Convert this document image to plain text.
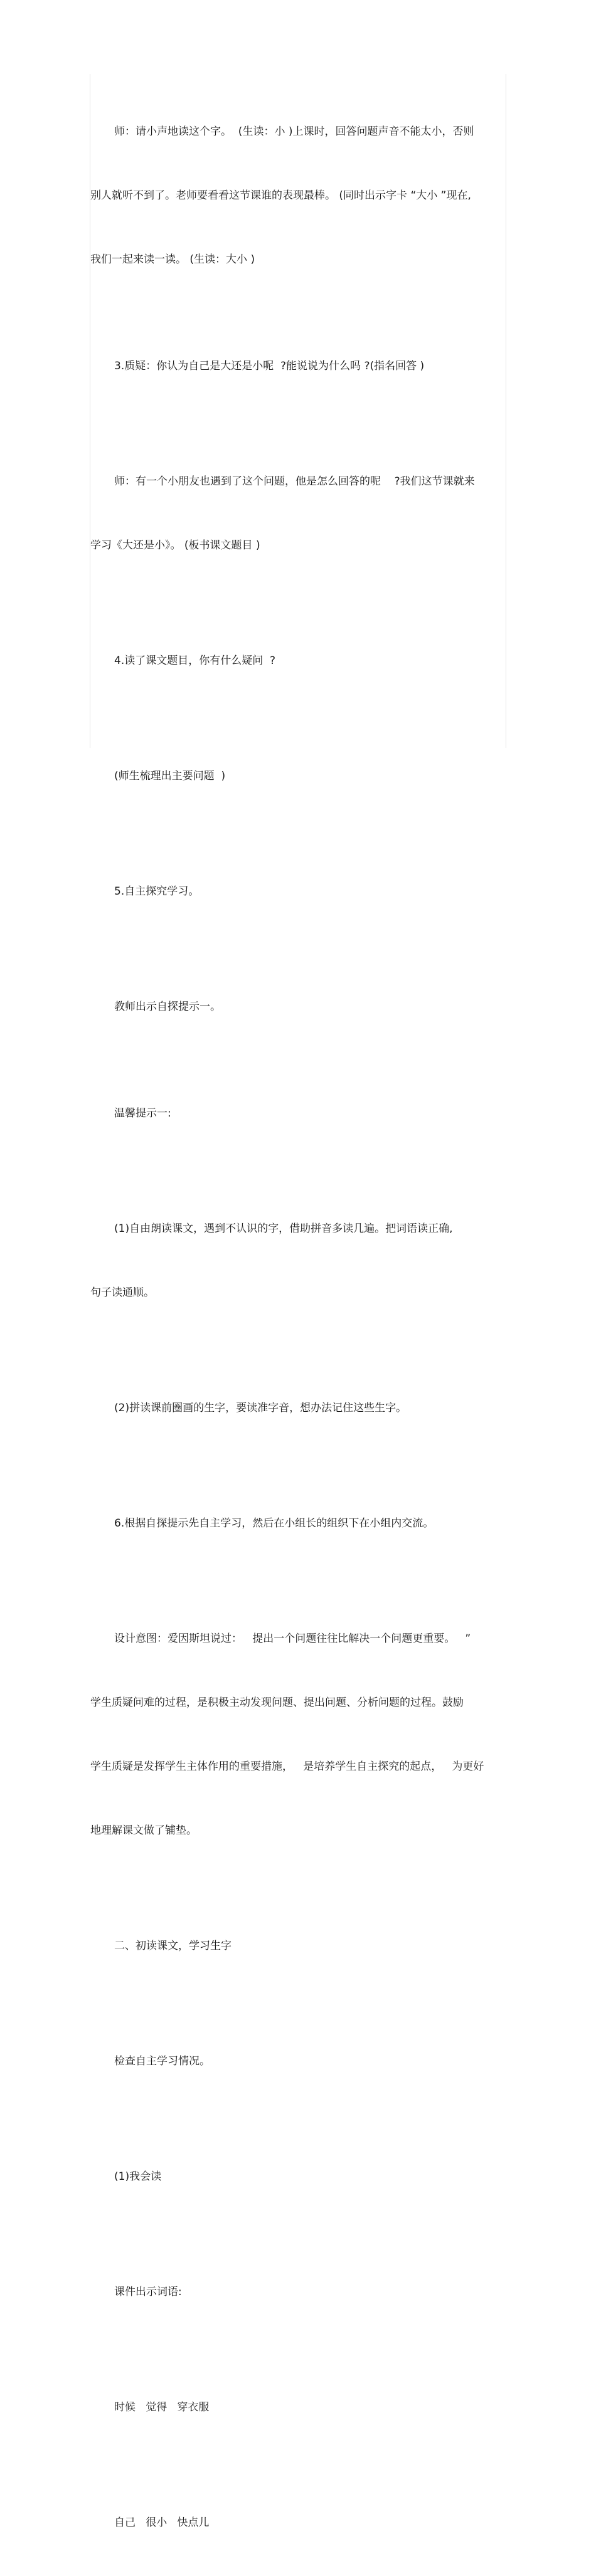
师：请小声地读这个字。  (生读：小 )上课时，回答问题声音不能太小，否则

别人就听不到了。老师要看看这节课谁的表现最棒。 (同时出示字卡 “大小 ”现在,

我们一起来读一读。 (生读：大小 )

3.质疑：你认为自己是大还是小呢  ?能说说为什么吗 ?(指名回答 )

师：有一个小朋友也遇到了这个问题，他是怎么回答的呢    ?我们这节课就来

学习《大还是小》。 (板书课文题目 )

4.读了课文题目，你有什么疑问  ?

(师生梳理出主要问题  )

5.自主探究学习。

教师出示自探提示一。

温馨提示一:

(1)自由朗读课文，遇到不认识的字，借助拼音多读几遍。把词语读正确,

句子读通顺。

(2)拼读课前圈画的生字，要读准字音，想办法记住这些生字。

6.根据自探提示先自主学习，然后在小组长的组织下在小组内交流。

设计意图：爱因斯坦说过：   提出一个问题往往比解决一个问题更重要。   ”

学生质疑问难的过程，是积极主动发现问题、提出问题、分析问题的过程。鼓励

学生质疑是发挥学生主体作用的重要措施，   是培养学生自主探究的起点，   为更好

地理解课文做了铺垫。

二、初读课文，学习生字

检查自主学习情况。

(1)我会读

课件出示词语:

时候   觉得   穿衣服

自己   很小   快点儿
